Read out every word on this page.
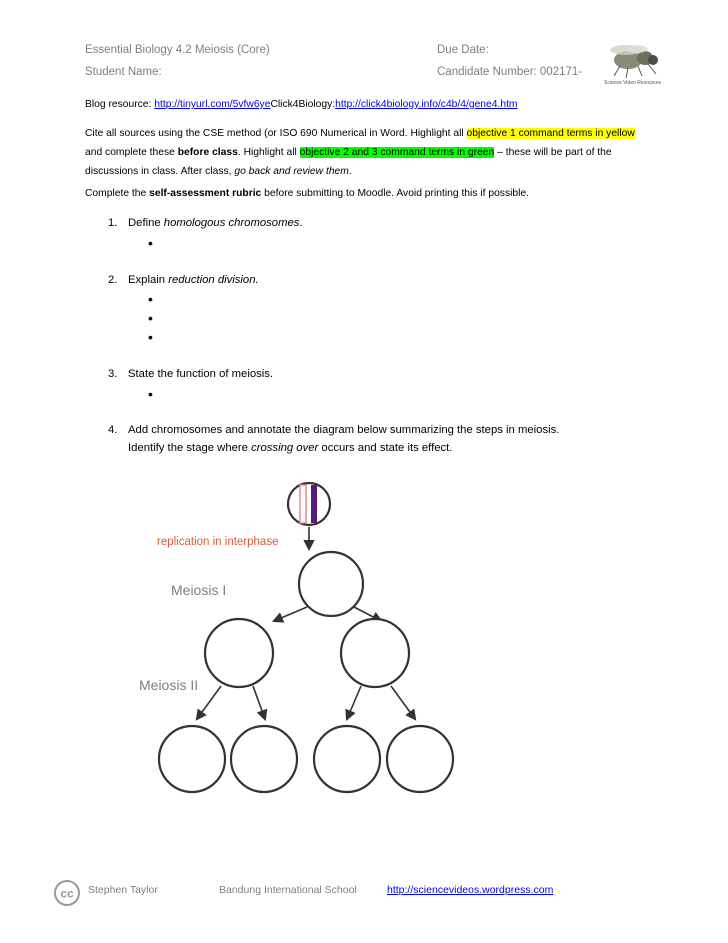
Essential Biology 4.2 Meiosis (Core)
Student Name:
Due Date:
Candidate Number: 002171-
Science Video Resources
Blog resource: http://tinyurl.com/5vfw6yeClick4Biology:http://click4biology.info/c4b/4/gene4.htm
Cite all sources using the CSE method (or ISO 690 Numerical in Word. Highlight all objective 1 command terms in yellow and complete these before class. Highlight all objective 2 and 3 command terms in green – these will be part of the discussions in class. After class, go back and review them.
Complete the self-assessment rubric before submitting to Moodle. Avoid printing this if possible.
1. Define homologous chromosomes.
•
2. Explain reduction division.
•
•
•
3. State the function of meiosis.
•
4. Add chromosomes and annotate the diagram below summarizing the steps in meiosis.
Identify the stage where crossing over occurs and state its effect.
replication in interphase
Meiosis I
Meiosis II
cc Stephen Taylor	Bandung International School	http://sciencevideos.wordpress.com
